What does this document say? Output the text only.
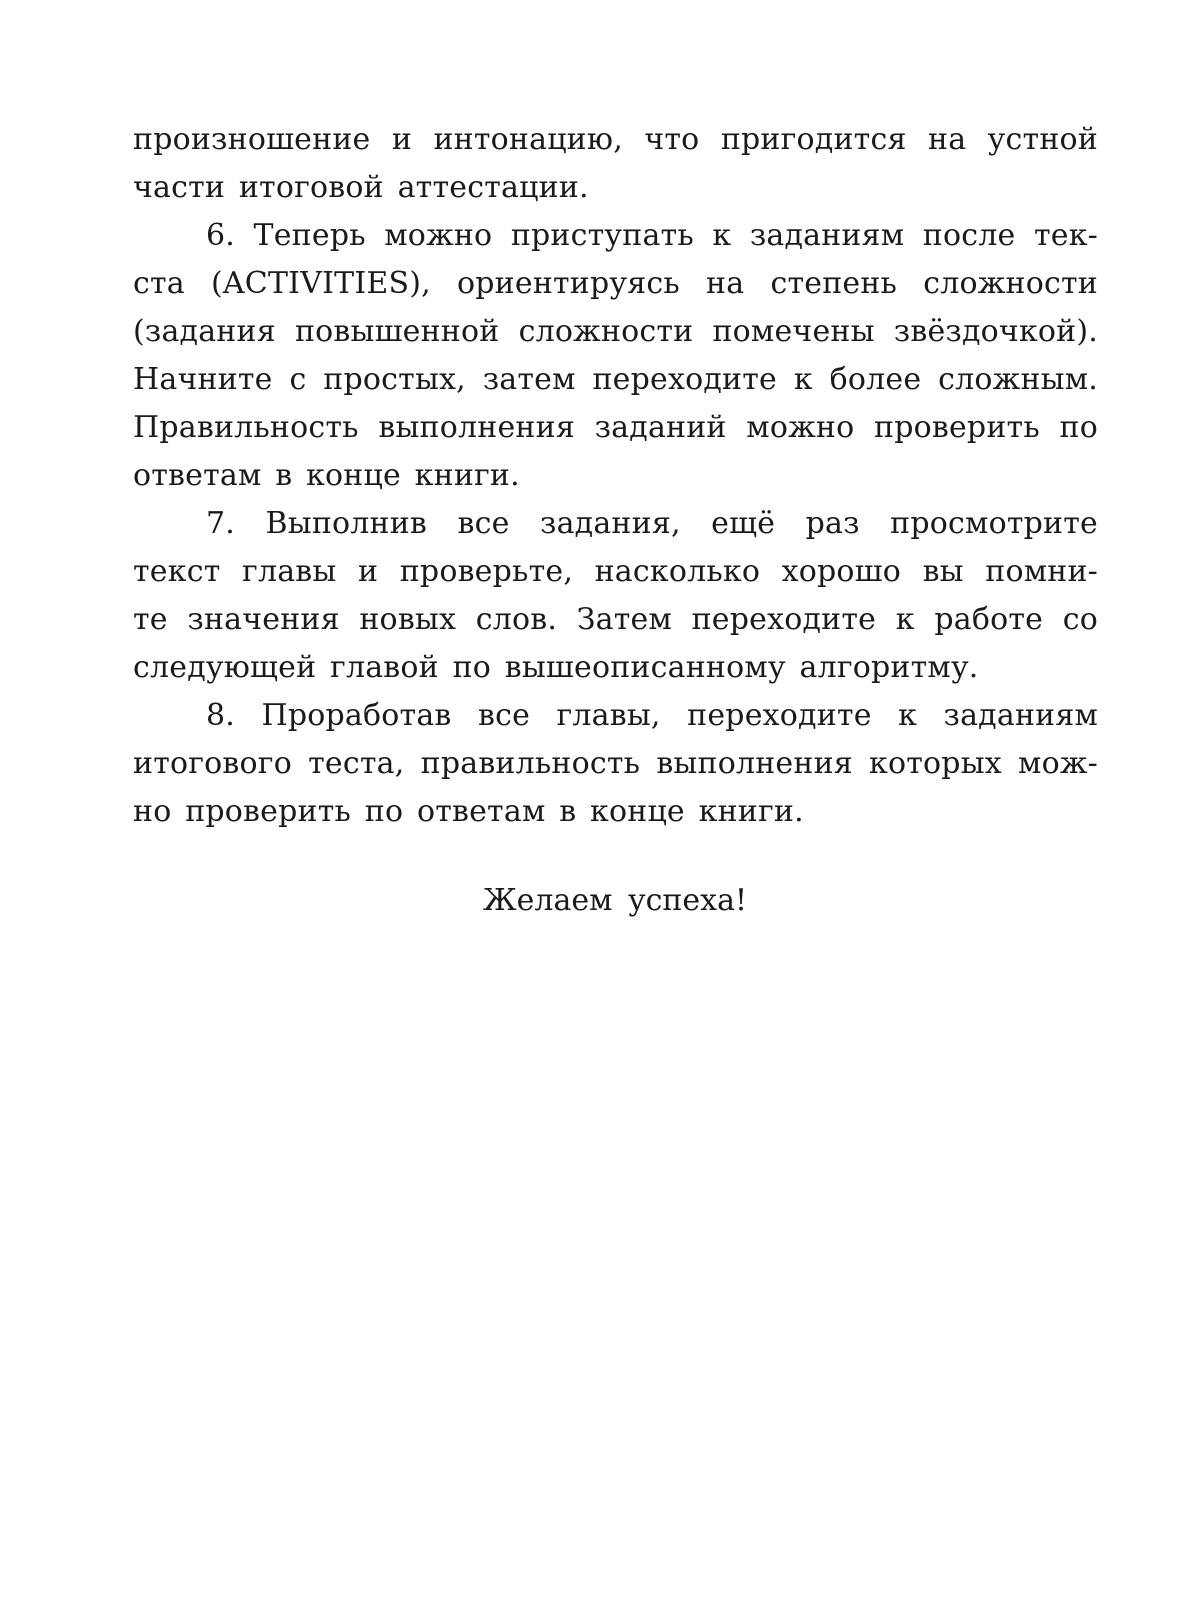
произношение и интонацию, что пригодится на устной
части итоговой аттестации.
6. Теперь можно приступать к заданиям после тек-
ста (ACTIVITIES), ориентируясь на степень сложности
(задания повышенной сложности помечены звёздочкой).
Начните с простых, затем переходите к более сложным.
Правильность выполнения заданий можно проверить по
ответам в конце книги.
7. Выполнив все задания, ещё раз просмотрите
текст главы и проверьте, насколько хорошо вы помни-
те значения новых слов. Затем переходите к работе со
следующей главой по вышеописанному алгоритму.
8. Проработав все главы, переходите к заданиям
итогового теста, правильность выполнения которых мож-
но проверить по ответам в конце книги.
Желаем успеха!
